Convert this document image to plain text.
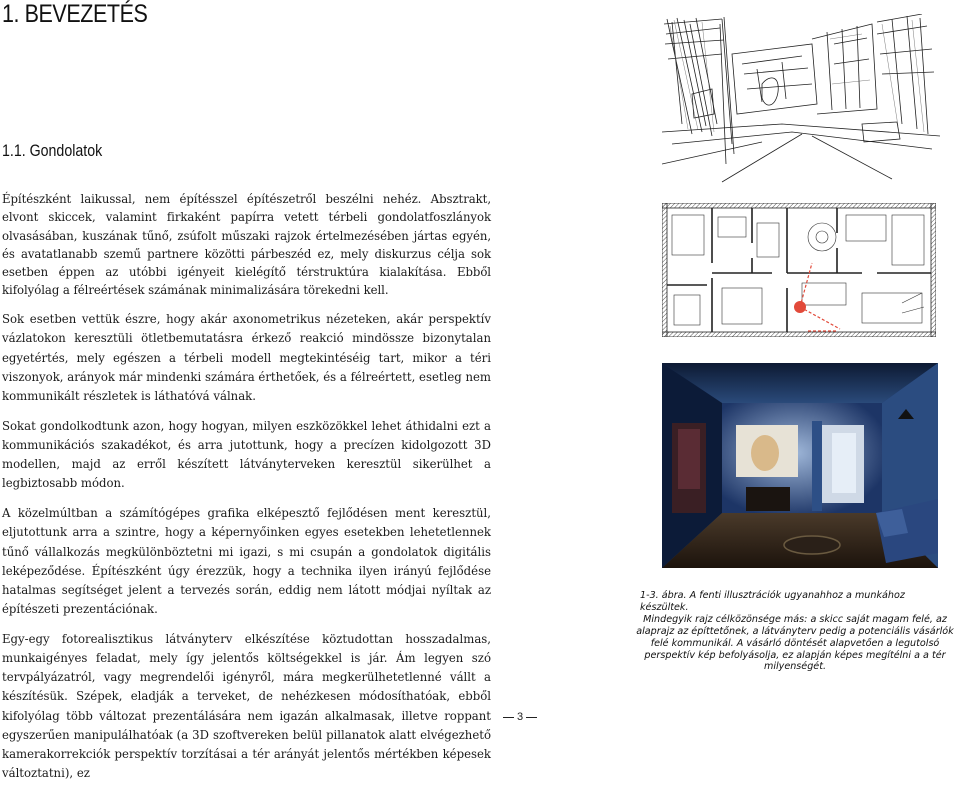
1. BEVEZETÉS
1.1. Gondolatok

Építészként laikussal, nem építésszel építészetről beszélni nehéz. Absztrakt, elvont skiccek, valamint firkaként papírra vetett térbeli gondolatfoszlányok olvasásában, kuszának tűnő, zsúfolt műszaki rajzok értelmezésében jártas egyén, és avatatlanabb szemű partnere közötti párbeszéd ez, mely diskurzus célja sok esetben éppen az utóbbi igényeit kielégítő térstruktúra kialakítása. Ebből kifolyólag a félreértések számának minimalizására törekedni kell.

Sok esetben vettük észre, hogy akár axonometrikus nézeteken, akár perspektív vázlatokon keresztüli ötletbemutatásra érkező reakció mindössze bizonytalan egyetértés, mely egészen a térbeli modell megtekintéséig tart, mikor a téri viszonyok, arányok már mindenki számára érthetőek, és a félreértett, esetleg nem kommunikált részletek is láthatóvá válnak.

Sokat gondolkodtunk azon, hogy hogyan, milyen eszközökkel lehet áthidalni ezt a kommunikációs szakadékot, és arra jutottunk, hogy a precízen kidolgozott 3D modellen, majd az erről készített látványterveken keresztül sikerülhet a legbiztosabb módon.

A közelmúltban a számítógépes grafika elképesztő fejlődésen ment keresztül, eljutottunk arra a szintre, hogy a képernyőinken egyes esetekben lehetetlennek tűnő vállalkozás megkülönböztetni mi igazi, s mi csupán a gondolatok digitális leképeződése. Építészként úgy érezzük, hogy a technika ilyen irányú fejlődése hatalmas segítséget jelent a tervezés során, eddig nem látott módjai nyíltak az építészeti prezentációnak.

Egy-egy fotorealisztikus látványterv elkészítése köztudottan hosszadalmas, munkaigényes feladat, mely így jelentős költségekkel is jár. Ám legyen szó tervpályázatról, vagy megrendelői igényről, mára megkerülhetetlenné vállt a készítésük. Szépek, eladják a terveket, de nehézkesen módosíthatóak, ebből kifolyólag több változat prezentálására nem igazán alkalmasak, illetve roppant egyszerűen manipulálhatóak (a 3D szoftvereken belül pillanatok alatt elvégezhető kamerakorrekciók perspektív torzításai a tér arányát jelentős mértékben képesek változtatni), ez

1-3. ábra. A fenti illusztrációk ugyanahhoz a munkához készültek.
Mindegyik rajz célközönsége más: a skicc saját magam felé, az alaprajz az építtetőnek, a látványterv pedig a potenciális vásárlók felé kommunikál. A vásárló döntését alapvetően a legutolsó perspektív kép befolyásolja, ez alapján képes megítélni a a tér milyenségét.
3
